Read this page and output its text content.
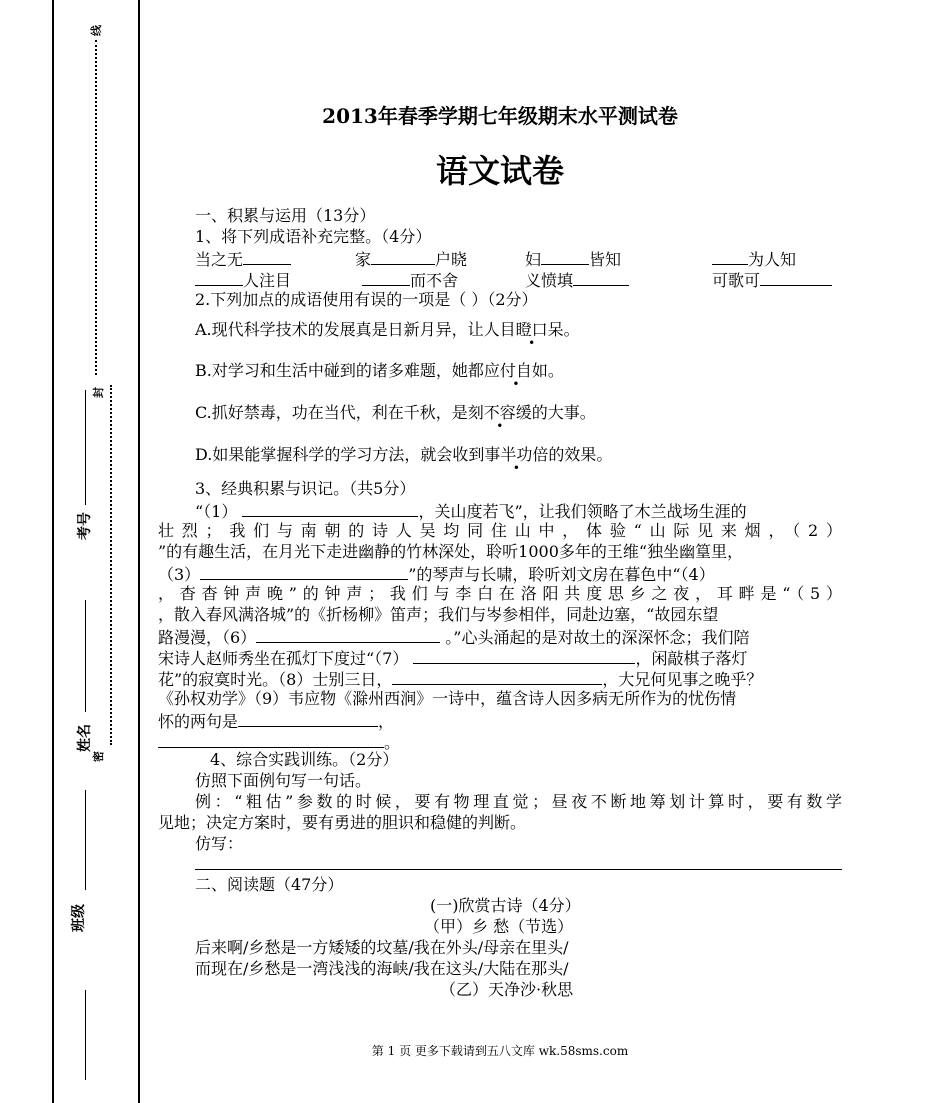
线
封
密
考号
姓名
班级
2013年春季学期七年级期末水平测试卷
语文试卷
一、积累与运用（13分）
1、将下列成语补充完整。（4分）
当之无	家	户晓	妇	皆知	为人知
人注目	而不舍	义愤填	可歌可
2.下列加点的成语使用有误的一项是（ ）（2分）
A.现代科学技术的发展真是日新月异，让人目瞪口呆。
B.对学习和生活中碰到的诸多难题，她都应付自如。
C.抓好禁毒，功在当代，利在千秋，是刻不容缓的大事。
D.如果能掌握科学的学习方法，就会收到事半功倍的效果。
3、经典积累与识记。（共5分）
“（1）	，关山度若飞”，让我们领略了木兰战场生涯的
壮烈；我们与南朝的诗人吴均同住山中，体验“山际见来烟，（2）
”的有趣生活，在月光下走进幽静的竹林深处，聆听1000多年的王维“独坐幽篁里，
（3）	”的琴声与长啸，聆听刘文房在暮色中“（4）
，杳杳钟声晚”的钟声；我们与李白在洛阳共度思乡之夜，耳畔是“（5）
，散入春风满洛城”的《折杨柳》笛声；我们与岑参相伴，同赴边塞，“故园东望
路漫漫，（6）	。”心头涌起的是对故土的深深怀念；我们陪
宋诗人赵师秀坐在孤灯下度过“（7）	，闲敲棋子落灯
花”的寂寞时光。（8）士别三日，	，大兄何见事之晚乎？
《孙权劝学》（9）韦应物《滁州西涧》一诗中，蕴含诗人因多病无所作为的忧伤情
怀的两句是	，
。
4、综合实践训练。（2分）
仿照下面例句写一句话。
例：“粗估”参数的时候，要有物理直觉；昼夜不断地筹划计算时，要有数学
见地；决定方案时，要有勇进的胆识和稳健的判断。
仿写：
二、阅读题（47分）
(一)欣赏古诗（4分）
（甲）乡 愁（节选）
后来啊/乡愁是一方矮矮的坟墓/我在外头/母亲在里头/
而现在/乡愁是一湾浅浅的海峡/我在这头/大陆在那头/
（乙）天净沙·秋思
第 1 页 更多下载请到五八文库 wk.58sms.com
